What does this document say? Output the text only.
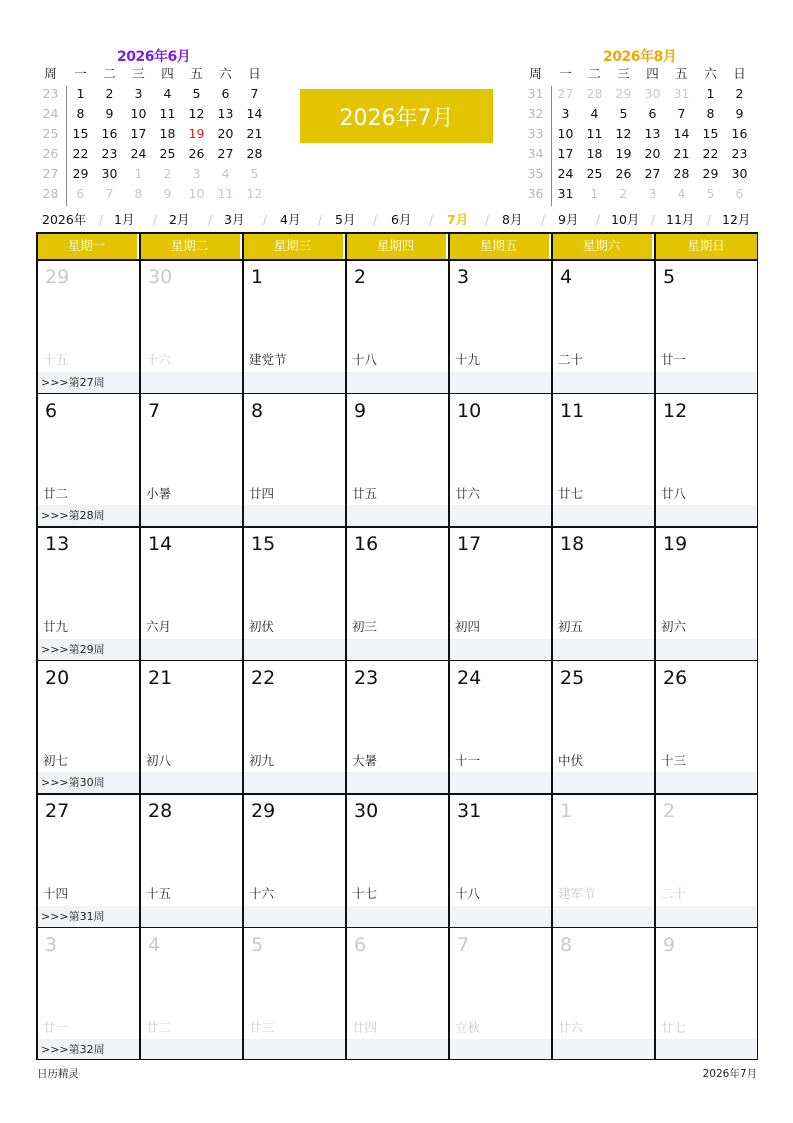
2026年6月
周	一	二	三	四	五	六	日
23	1	2	3	4	5	6	7
24	8	9	10	11	12	13	14
25	15	16	17	18	19	20	21
26	22	23	24	25	26	27	28
27	29	30	1	2	3	4	5
28	6	7	8	9	10	11	12
2026年7月
2026年8月
周	一	二	三	四	五	六	日
31	27	28	29	30	31	1	2
32	3	4	5	6	7	8	9
33	10	11	12	13	14	15	16
34	17	18	19	20	21	22	23
35	24	25	26	27	28	29	30
36	31	1	2	3	4	5	6
2026年 / 1月 / 2月 / 3月 / 4月 / 5月 / 6月 / 7月 / 8月 / 9月 / 10月 / 11月 / 12月
星期一	星期二	星期三	星期四	星期五	星期六	星期日
>>>第27周
29
十五
30
十六
1
建党节
2
十八
3
十九
4
二十
5
廿一
>>>第28周
6
廿二
7
小暑
8
廿四
9
廿五
10
廿六
11
廿七
12
廿八
>>>第29周
13
廿九
14
六月
15
初伏
16
初三
17
初四
18
初五
19
初六
>>>第30周
20
初七
21
初八
22
初九
23
大暑
24
十一
25
中伏
26
十三
>>>第31周
27
十四
28
十五
29
十六
30
十七
31
十八
1
建军节
2
二十
>>>第32周
3
廿一
4
廿二
5
廿三
6
廿四
7
立秋
8
廿六
9
廿七
日历精灵	2026年7月
